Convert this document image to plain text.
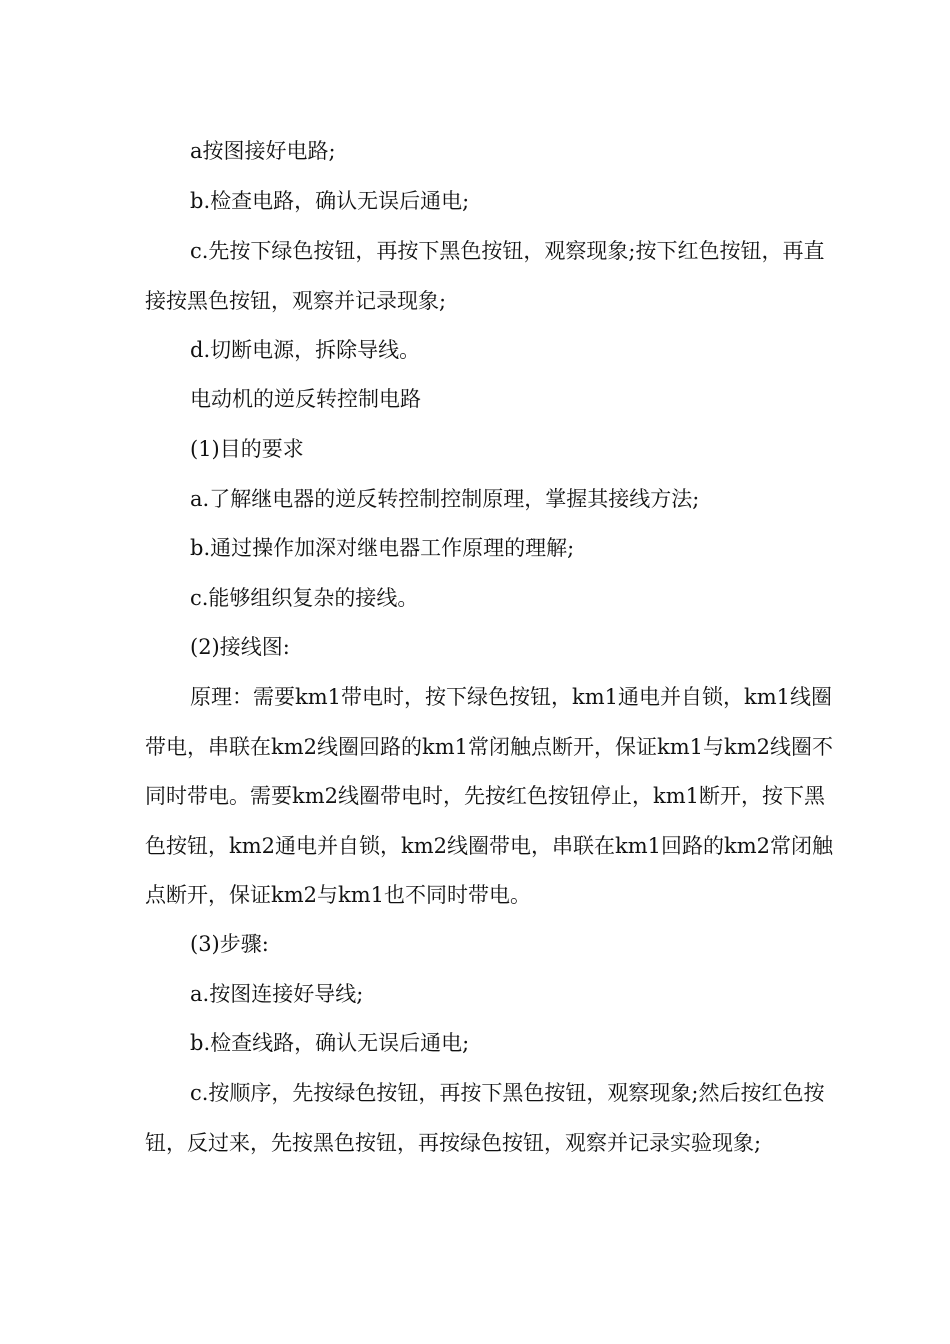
a按图接好电路;

b.检查电路，确认无误后通电;

c.先按下绿色按钮，再按下黑色按钮，观察现象;按下红色按钮，再直接按黑色按钮，观察并记录现象;

d.切断电源，拆除导线。

电动机的逆反转控制电路

(1)目的要求

a.了解继电器的逆反转控制控制原理，掌握其接线方法;

b.通过操作加深对继电器工作原理的理解;

c.能够组织复杂的接线。

(2)接线图:

原理：需要km1带电时，按下绿色按钮，km1通电并自锁，km1线圈带电，串联在km2线圈回路的km1常闭触点断开，保证km1与km2线圈不同时带电。需要km2线圈带电时，先按红色按钮停止，km1断开，按下黑色按钮，km2通电并自锁，km2线圈带电，串联在km1回路的km2常闭触点断开，保证km2与km1也不同时带电。

(3)步骤:

a.按图连接好导线;

b.检查线路，确认无误后通电;

c.按顺序，先按绿色按钮，再按下黑色按钮，观察现象;然后按红色按钮，反过来，先按黑色按钮，再按绿色按钮，观察并记录实验现象;
